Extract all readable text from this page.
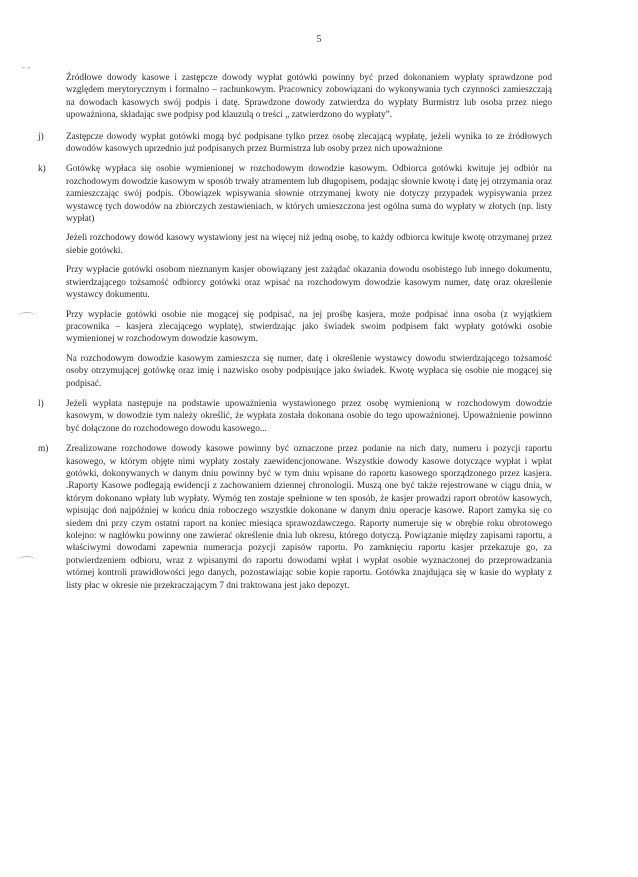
5
- -

Źródłowe dowody kasowe i zastępcze dowody wypłat gotówki powinny być przed dokonaniem wypłaty sprawdzone pod względem merytorycznym i formalno – rachunkowym. Pracownicy zobowiązani do wykonywania tych czynności zamieszczają na dowodach kasowych swój podpis i datę. Sprawdzone dowody zatwierdza do wypłaty Burmistrz lub osoba przez niego upoważniona, składając swe podpisy pod klauzulą o treści „ zatwierdzono do wypłaty”.

j) Zastępcze dowody wypłat gotówki mogą być podpisane tylko przez osobę zlecającą wypłatę, jeżeli wynika to ze źródłowych dowodów kasowych uprzednio już podpisanych przez Burmistrza lub osoby przez nich upoważnione

k) Gotówkę wypłaca się osobie wymienionej w rozchodowym dowodzie kasowym. Odbiorca gotówki kwituje jej odbiór na rozchodowym dowodzie kasowym w sposób trwały atramentem lub długopisem, podając słownie kwotę i datę jej otrzymania oraz zamieszczając swój podpis. Obowiązek wpisywania słownie otrzymanej kwoty nie dotyczy przypadek wypisywania przez wystawcę tych dowodów na zbiorczych zestawieniach, w których umieszczona jest ogólna suma do wypłaty w złotych (np. listy wypłat)

Jeżeli rozchodowy dowód kasowy wystawiony jest na więcej niż jedną osobę, to każdy odbiorca kwituje kwotę otrzymanej przez siebie gotówki.

Przy wypłacie gotówki osobom nieznanym kasjer obowiązany jest zażądać okazania dowodu osobistego lub innego dokumentu, stwierdzającego tożsamość odbiorcy gotówki oraz wpisać na rozchodowym dowodzie kasowym numer, datę oraz określenie wystawcy dokumentu.

Przy wypłacie gotówki osobie nie mogącej się podpisać, na jej prośbę kasjera, może podpisać inna osoba (z wyjątkiem pracownika – kasjera zlecającego wypłatę), stwierdzając jako świadek swoim podpisem fakt wypłaty gotówki osobie wymienionej w rozchodowym dowodzie kasowym.

Na rozchodowym dowodzie kasowym zamieszcza się numer, datę i określenie wystawcy dowodu stwierdzającego tożsamość osoby otrzymującej gotówkę oraz imię i nazwisko osoby podpisujące jako świadek. Kwotę wypłaca się osobie nie mogącej się podpisać.

l) Jeżeli wypłata następuje na podstawie upoważnienia wystawionego przez osobę wymienioną w rozchodowym dowodzie kasowym, w dowodzie tym należy określić, że wypłata została dokonana osobie do tego upoważnionej. Upoważnienie powinno być dołączone do rozchodowego dowodu kasowego...

m) Zrealizowane rozchodowe dowody kasowe powinny być oznaczone przez podanie na nich daty, numeru i pozycji raportu kasowego, w którym objęte nimi wypłaty zostały zaewidencjonowane. Wszystkie dowody kasowe dotyczące wypłat i wpłat gotówki, dokonywanych w danym dniu powinny być w tym dniu wpisane do raportu kasowego sporządzonego przez kasjera. .Raporty Kasowe podlegają ewidencji z zachowaniem dziennej chronologii. Muszą one być także rejestrowane w ciągu dnia, w którym dokonano wpłaty lub wypłaty. Wymóg ten zostaje spełnione w ten sposób, że kasjer prowadzi raport obrotów kasowych, wpisując doń najpóźniej w końcu dnia roboczego wszystkie dokonane w danym dniu operacje kasowe. Raport zamyka się co siedem dni przy czym ostatni raport na koniec miesiąca sprawozdawczego. Raporty numeruje się w obrębie roku obrotowego kolejno: w nagłówku powinny one zawierać określenie dnia lub okresu, którego dotyczą. Powiązanie między zapisami raportu, a właściwymi dowodami zapewnia numeracja pozycji zapisów raportu. Po zamknięciu raportu kasjer przekazuje go, za potwierdzeniem odbioru, wraz z wpisanymi do raportu dowodami wpłat i wypłat osobie wyznaczonej do przeprowadzania wtórnej kontroli prawidłowości jego danych, pozostawiając sobie kopie raportu. Gotówka znajdująca się w kasie do wypłaty z listy płac w okresie nie przekraczającym 7 dni traktowana jest jako depozyt.
